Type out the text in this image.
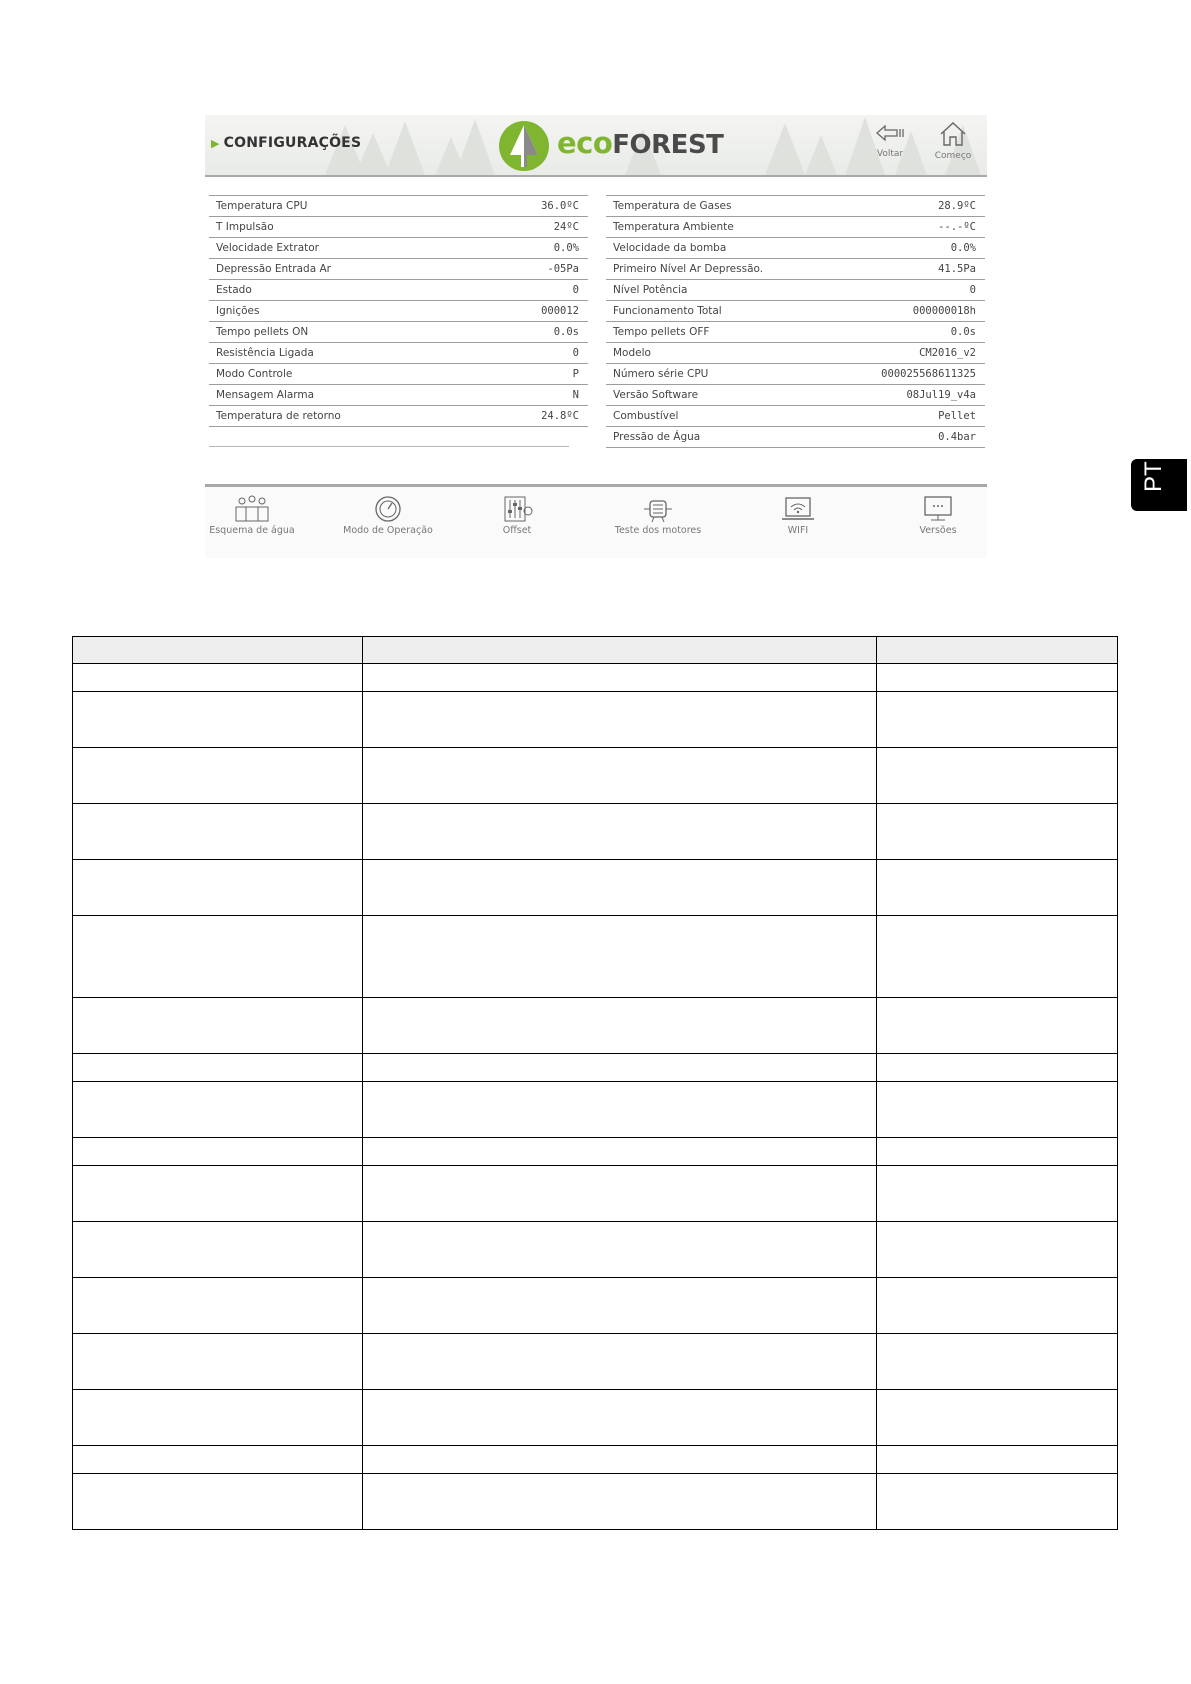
▶ CONFIGURAÇÕES	ecoFOREST	Voltar	Começo
Temperatura CPU	36.0ºC
T Impulsão	24ºC
Velocidade Extrator	0.0%
Depressão Entrada Ar	-05Pa
Estado	0
Ignições	000012
Tempo pellets ON	0.0s
Resistência Ligada	0
Modo Controle	P
Mensagem Alarma	N
Temperatura de retorno	24.8ºC
Temperatura de Gases	28.9ºC
Temperatura Ambiente	--.-ºC
Velocidade da bomba	0.0%
Primeiro Nível Ar Depressão.	41.5Pa
Nível Potência	0
Funcionamento Total	000000018h
Tempo pellets OFF	0.0s
Modelo	CM2016_v2
Número série CPU	000025568611325
Versão Software	08Jul19_v4a
Combustível	Pellet
Pressão de Água	0.4bar
Esquema de água	Modo de Operação	Offset	Teste dos motores	WIFI	Versões
PT
